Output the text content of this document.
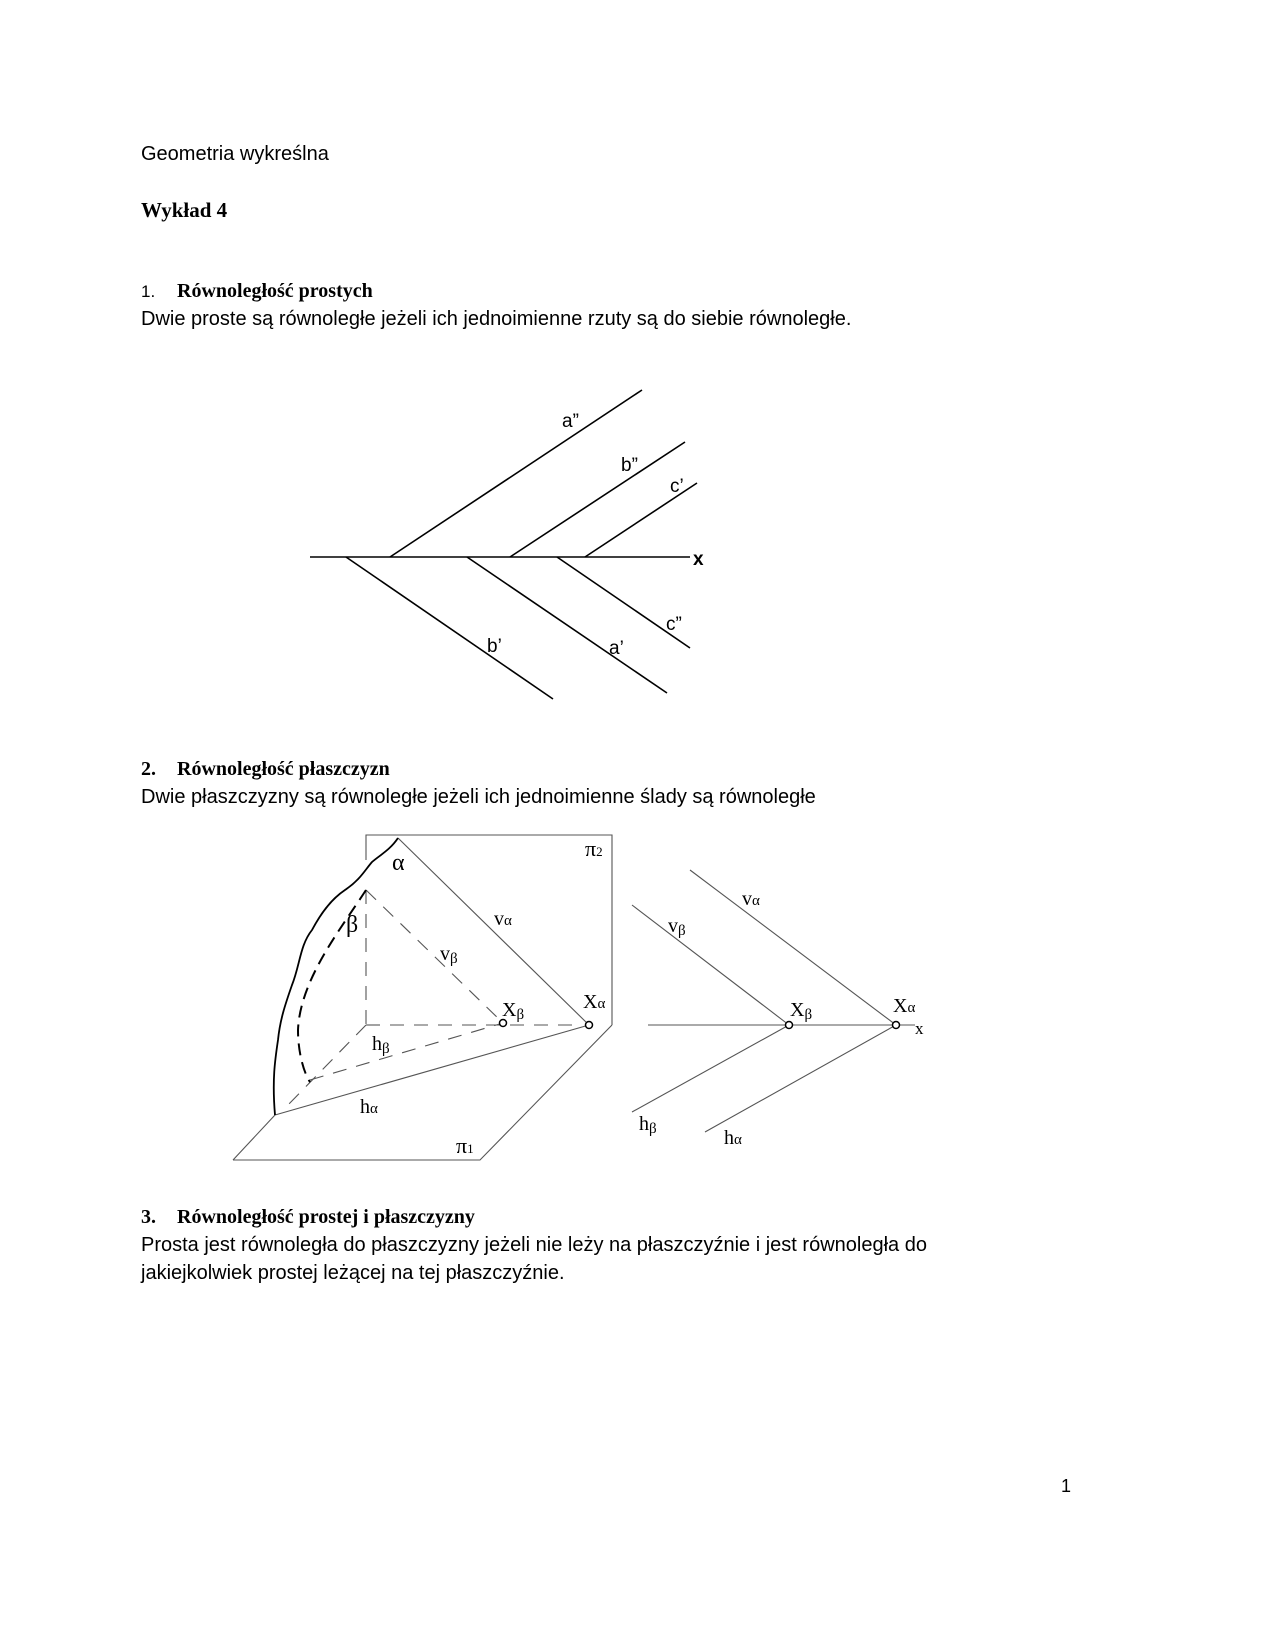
Geometria wykreślna
Wykład 4
1. Równoległość prostych
Dwie proste są równoległe jeżeli ich jednoimienne rzuty są do siebie równoległe.
a”
b”
c’
c”
b’	a’
x
α
β
π2
π1
vα
vβ
Xβ
Xα
hβ
hα
vα
vβ
Xβ	Xα
x
hβ	hα
2. Równoległość płaszczyzn
Dwie płaszczyzny są równoległe jeżeli ich jednoimienne ślady są równoległe
3. Równoległość prostej i płaszczyzny
Prosta jest równoległa do płaszczyzny jeżeli nie leży na płaszczyźnie i jest równoległa do
jakiejkolwiek prostej leżącej na tej płaszczyźnie.
1
